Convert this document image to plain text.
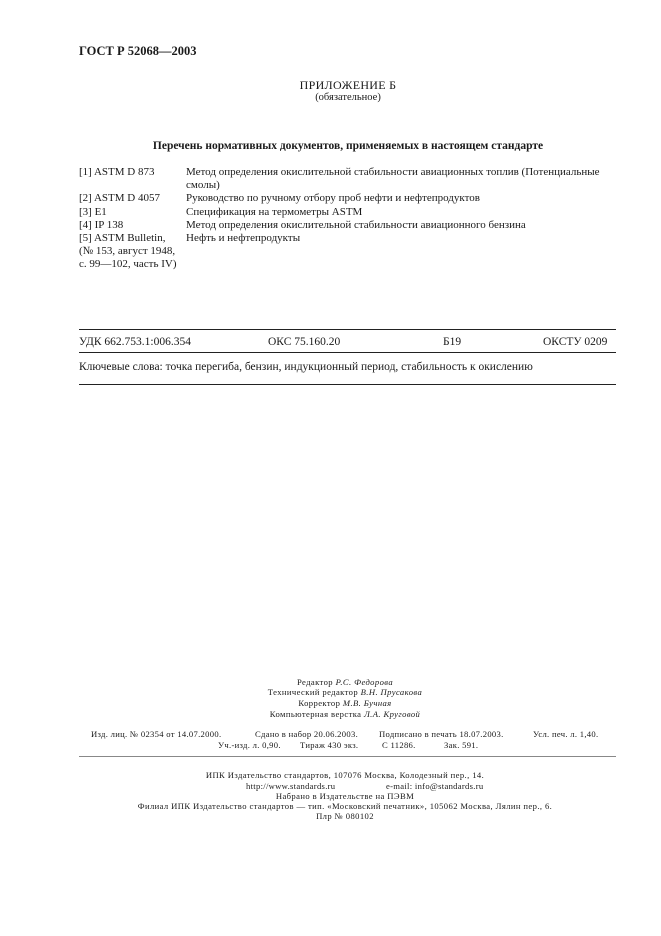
ГОСТ Р 52068—2003
ПРИЛОЖЕНИЕ Б
(обязательное)
Перечень нормативных документов, применяемых в настоящем стандарте
[1] ASTM D 873	Метод определения окислительной стабильности авиационных топлив (Потенциальные
смолы)
[2] ASTM D 4057	Руководство по ручному отбору проб нефти и нефтепродуктов
[3] E1	Спецификация на термометры ASTM
[4] IP 138	Метод определения окислительной стабильности авиационного бензина
[5] ASTM Bulletin,	Нефть и нефтепродукты
(№ 153, август 1948,
с. 99—102, часть IV)
УДК 662.753.1:006.354	ОКС 75.160.20	Б19	ОКСТУ 0209
Ключевые слова: точка перегиба, бензин, индукционный период, стабильность к окислению
Редактор Р.С. Федорова
Технический редактор В.Н. Прусакова
Корректор М.В. Бучная
Компьютерная верстка Л.А. Круговой
Изд. лиц. № 02354 от 14.07.2000.	Сдано в набор 20.06.2003. Подписано в печать 18.07.2003.	Усл. печ. л. 1,40.
Уч.-изд. л. 0,90. Тираж 430 экз.	С 11286.	Зак. 591.
ИПК Издательство стандартов, 107076 Москва, Колодезный пер., 14.
http://www.standards.ru	e-mail: info@standards.ru
Набрано в Издательстве на ПЭВМ
Филиал ИПК Издательство стандартов — тип. «Московский печатник», 105062 Москва, Лялин пер., 6.
Плр № 080102
